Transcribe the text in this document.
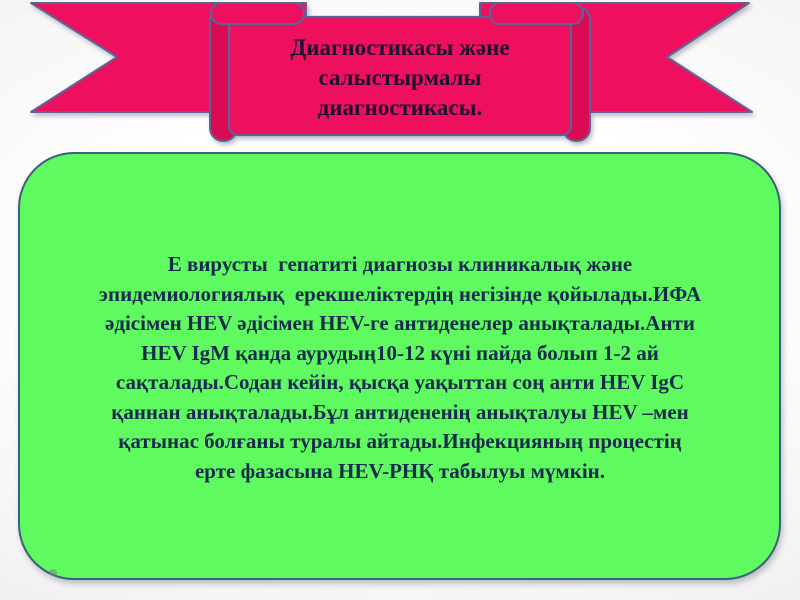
Диагностикасы және
салыстырмалы
диагностикасы.
Е вирусты  гепатиті диагнозы клиникалық және
эпидемиологиялық  ерекшеліктердің негізінде қойылады.ИФА
әдісімен HEV әдісімен HEV-ге антиденелер анықталады.Анти
HEV IgM қанда аурудың10-12 күні пайда болып 1-2 ай
сақталады.Содан кейін, қысқа уақыттан соң анти HEV IgC
қаннан анықталады.Бұл антидененің анықталуы HEV –мен
қатынас болғаны туралы айтады.Инфекцияның процестің
ерте фазасына HEV-РНҚ табылуы мүмкін.
